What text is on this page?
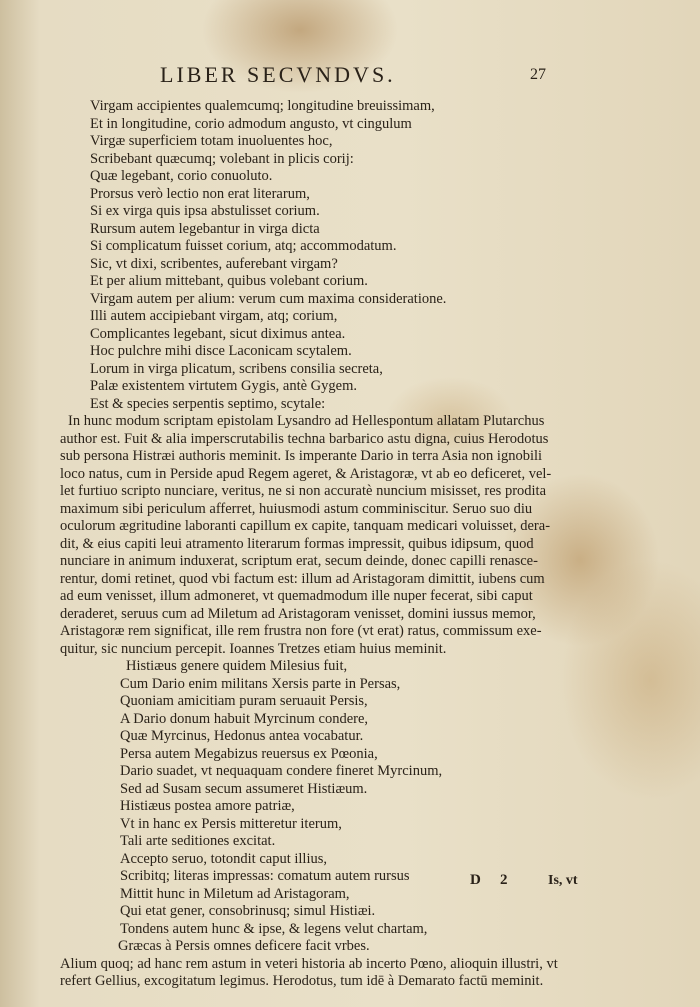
LIBER SECVNDVS.	27
Virgam accipientes qualemcumq; longitudine breuissimam,
Et in longitudine, corio admodum angusto, vt cingulum
Virgæ superficiem totam inuoluentes hoc,
Scribebant quæcumq; volebant in plicis corij:
Quæ legebant, corio conuoluto.
Prorsus verò lectio non erat literarum,
Si ex virga quis ipsa abstulisset corium.
Rursum autem legebantur in virga dicta
Si complicatum fuisset corium, atq; accommodatum.
Sic, vt dixi, scribentes, auferebant virgam?
Et per alium mittebant, quibus volebant corium.
Virgam autem per alium: verum cum maxima consideratione.
Illi autem accipiebant virgam, atq; corium,
Complicantes legebant, sicut diximus antea.
Hoc pulchre mihi disce Laconicam scytalem.
Lorum in virga plicatum, scribens consilia secreta,
Palæ existentem virtutem Gygis, antè Gygem.
Est & species serpentis septimo, scytale:
In hunc modum scriptam epistolam Lysandro ad Hellespontum allatam Plutarchus
author est. Fuit & alia imperscrutabilis techna barbarico astu digna, cuius Herodotus
sub persona Histræi authoris meminit. Is imperante Dario in terra Asia non ignobili
loco natus, cum in Perside apud Regem ageret, & Aristagoræ, vt ab eo deficeret, vel-
let furtiuo scripto nunciare, veritus, ne si non accuratè nuncium misisset, res prodita
maximum sibi periculum afferret, huiusmodi astum comminiscitur. Seruo suo diu
oculorum ægritudine laboranti capillum ex capite, tanquam medicari voluisset, dera-
dit, & eius capiti leui atramento literarum formas impressit, quibus idipsum, quod
nunciare in animum induxerat, scriptum erat, secum deinde, donec capilli renasce-
rentur, domi retinet, quod vbi factum est: illum ad Aristagoram dimittit, iubens cum
ad eum venisset, illum admoneret, vt quemadmodum ille nuper fecerat, sibi caput
deraderet, seruus cum ad Miletum ad Aristagoram venisset, domini iussus memor,
Aristagoræ rem significat, ille rem frustra non fore (vt erat) ratus, commissum exe-
quitur, sic nuncium percepit. Ioannes Tretzes etiam huius meminit.
Histiæus genere quidem Milesius fuit,
Cum Dario enim militans Xersis parte in Persas,
Quoniam amicitiam puram seruauit Persis,
A Dario donum habuit Myrcinum condere,
Quæ Myrcinus, Hedonus antea vocabatur.
Persa autem Megabizus reuersus ex Pœonia,
Dario suadet, vt nequaquam condere fineret Myrcinum,
Sed ad Susam secum assumeret Histiæum.
Histiæus postea amore patriæ,
Vt in hanc ex Persis mitteretur iterum,
Tali arte seditiones excitat.
Accepto seruo, totondit caput illius,
Scribitq; literas impressas: comatum autem rursus
Mittit hunc in Miletum ad Aristagoram,
Qui etat gener, consobrinusq; simul Histiæi.
Tondens autem hunc & ipse, & legens velut chartam,
Græcas à Persis omnes deficere facit vrbes.
Alium quoq; ad hanc rem astum in veteri historia ab incerto Pœno, alioquin illustri, vt
refert Gellius, excogitatum legimus. Herodotus, tum idē à Demarato factū meminit.
D 2	Is, vt
